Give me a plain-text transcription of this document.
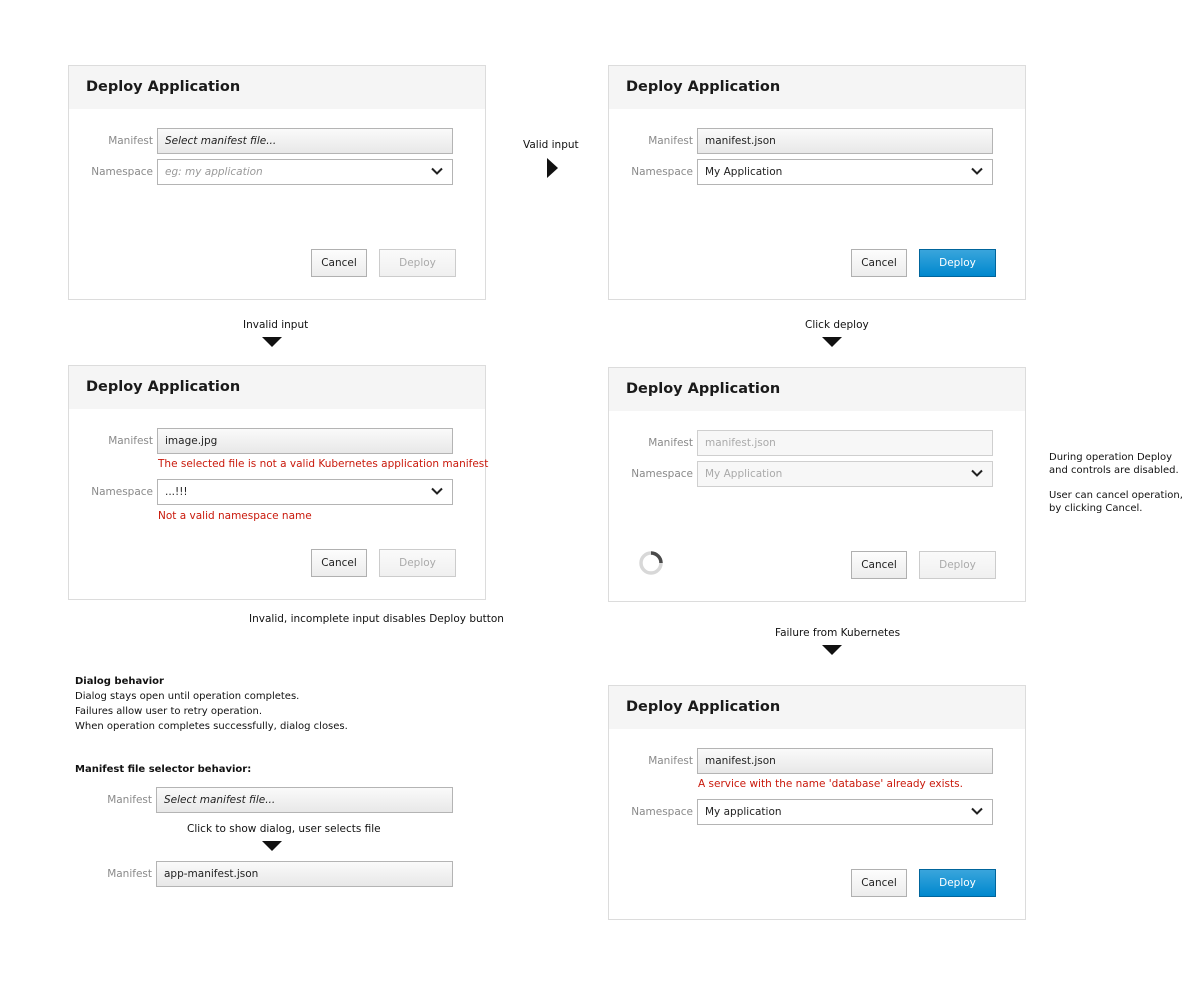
Deploy Application
Manifest	Select manifest file...
Namespace	eg: my application
Cancel	Deploy
Valid input
Deploy Application
Manifest	manifest.json
Namespace	My Application
Cancel	Deploy
Invalid input	Click deploy
Deploy Application
Manifest	image.jpg
The selected file is not a valid Kubernetes application manifest
Namespace	...!!!
Not a valid namespace name
Cancel	Deploy
Invalid, incomplete input disables Deploy button
Deploy Application
Manifest	manifest.json
Namespace	My Application
Cancel	Deploy
During operation Deploy
and controls are disabled.
User can cancel operation,
by clicking Cancel.
Failure from Kubernetes
Deploy Application
Manifest	manifest.json
A service with the name 'database' already exists.
Namespace	My application
Cancel	Deploy
Dialog behavior
Dialog stays open until operation completes.
Failures allow user to retry operation.
When operation completes successfully, dialog closes.
Manifest file selector behavior:
Manifest	Select manifest file...
Click to show dialog, user selects file
Manifest	app-manifest.json
